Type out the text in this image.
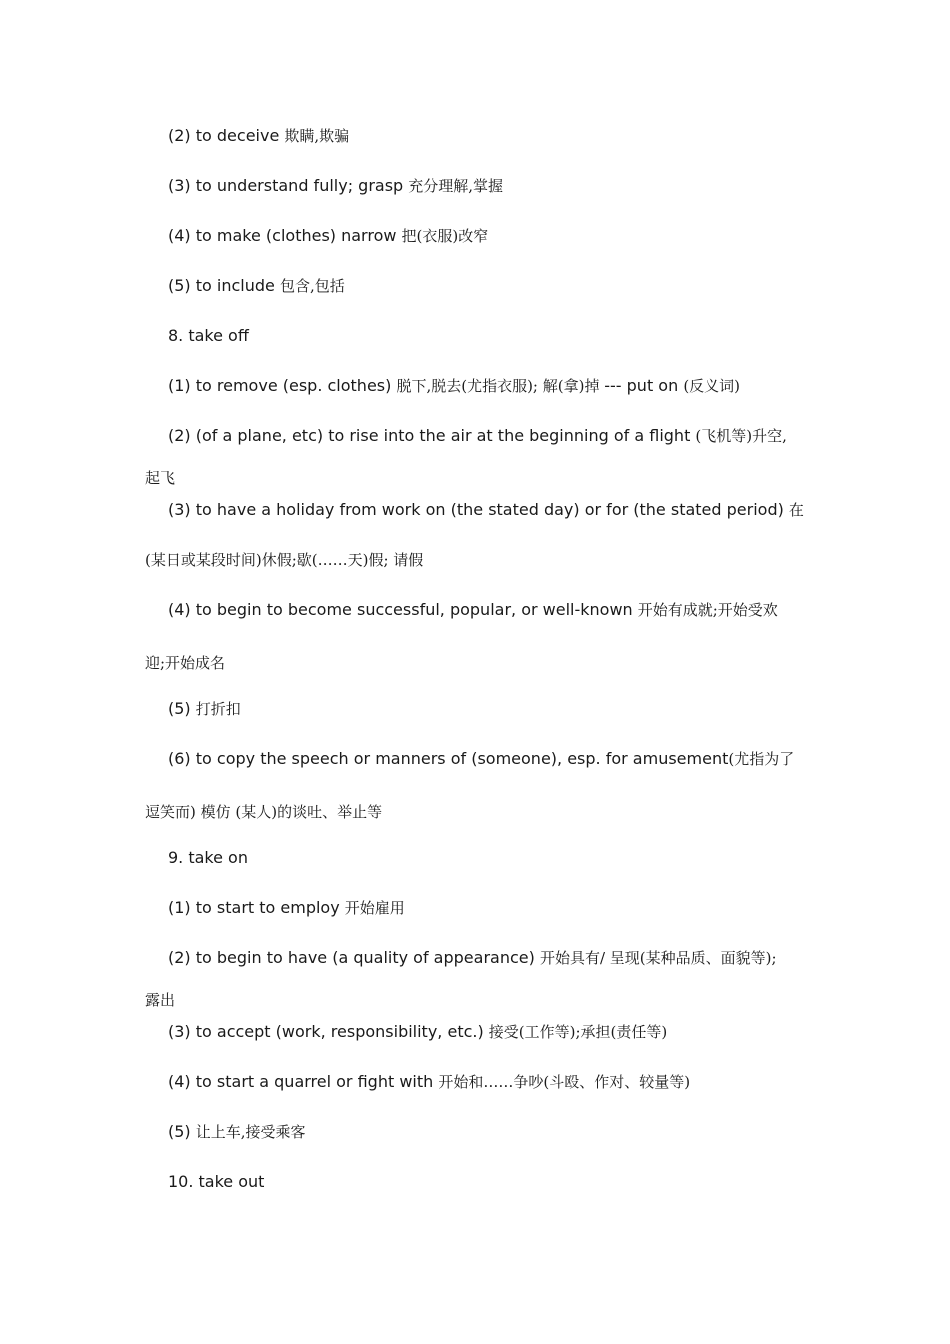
(2) to deceive 欺瞒,欺骗
(3) to understand fully; grasp 充分理解,掌握
(4) to make (clothes) narrow 把(衣服)改窄
(5) to include 包含,包括
8. take off
(1) to remove (esp. clothes) 脱下,脱去(尤指衣服); 解(拿)掉 --- put on (反义词)
(2) (of a plane, etc) to rise into the air at the beginning of a flight (飞机等)升空,
起飞
(3) to have a holiday from work on (the stated day) or for (the stated period) 在
(某日或某段时间)休假;歇(……天)假; 请假
(4) to begin to become successful, popular, or well-known 开始有成就;开始受欢
迎;开始成名
(5) 打折扣
(6) to copy the speech or manners of (someone), esp. for amusement(尤指为了
逗笑而) 模仿 (某人)的谈吐、举止等
9. take on
(1) to start to employ 开始雇用
(2) to begin to have (a quality of appearance) 开始具有/ 呈现(某种品质、面貌等);
露出
(3) to accept (work, responsibility, etc.) 接受(工作等);承担(责任等)
(4) to start a quarrel or fight with 开始和……争吵(斗殴、作对、较量等)
(5) 让上车,接受乘客
10. take out
